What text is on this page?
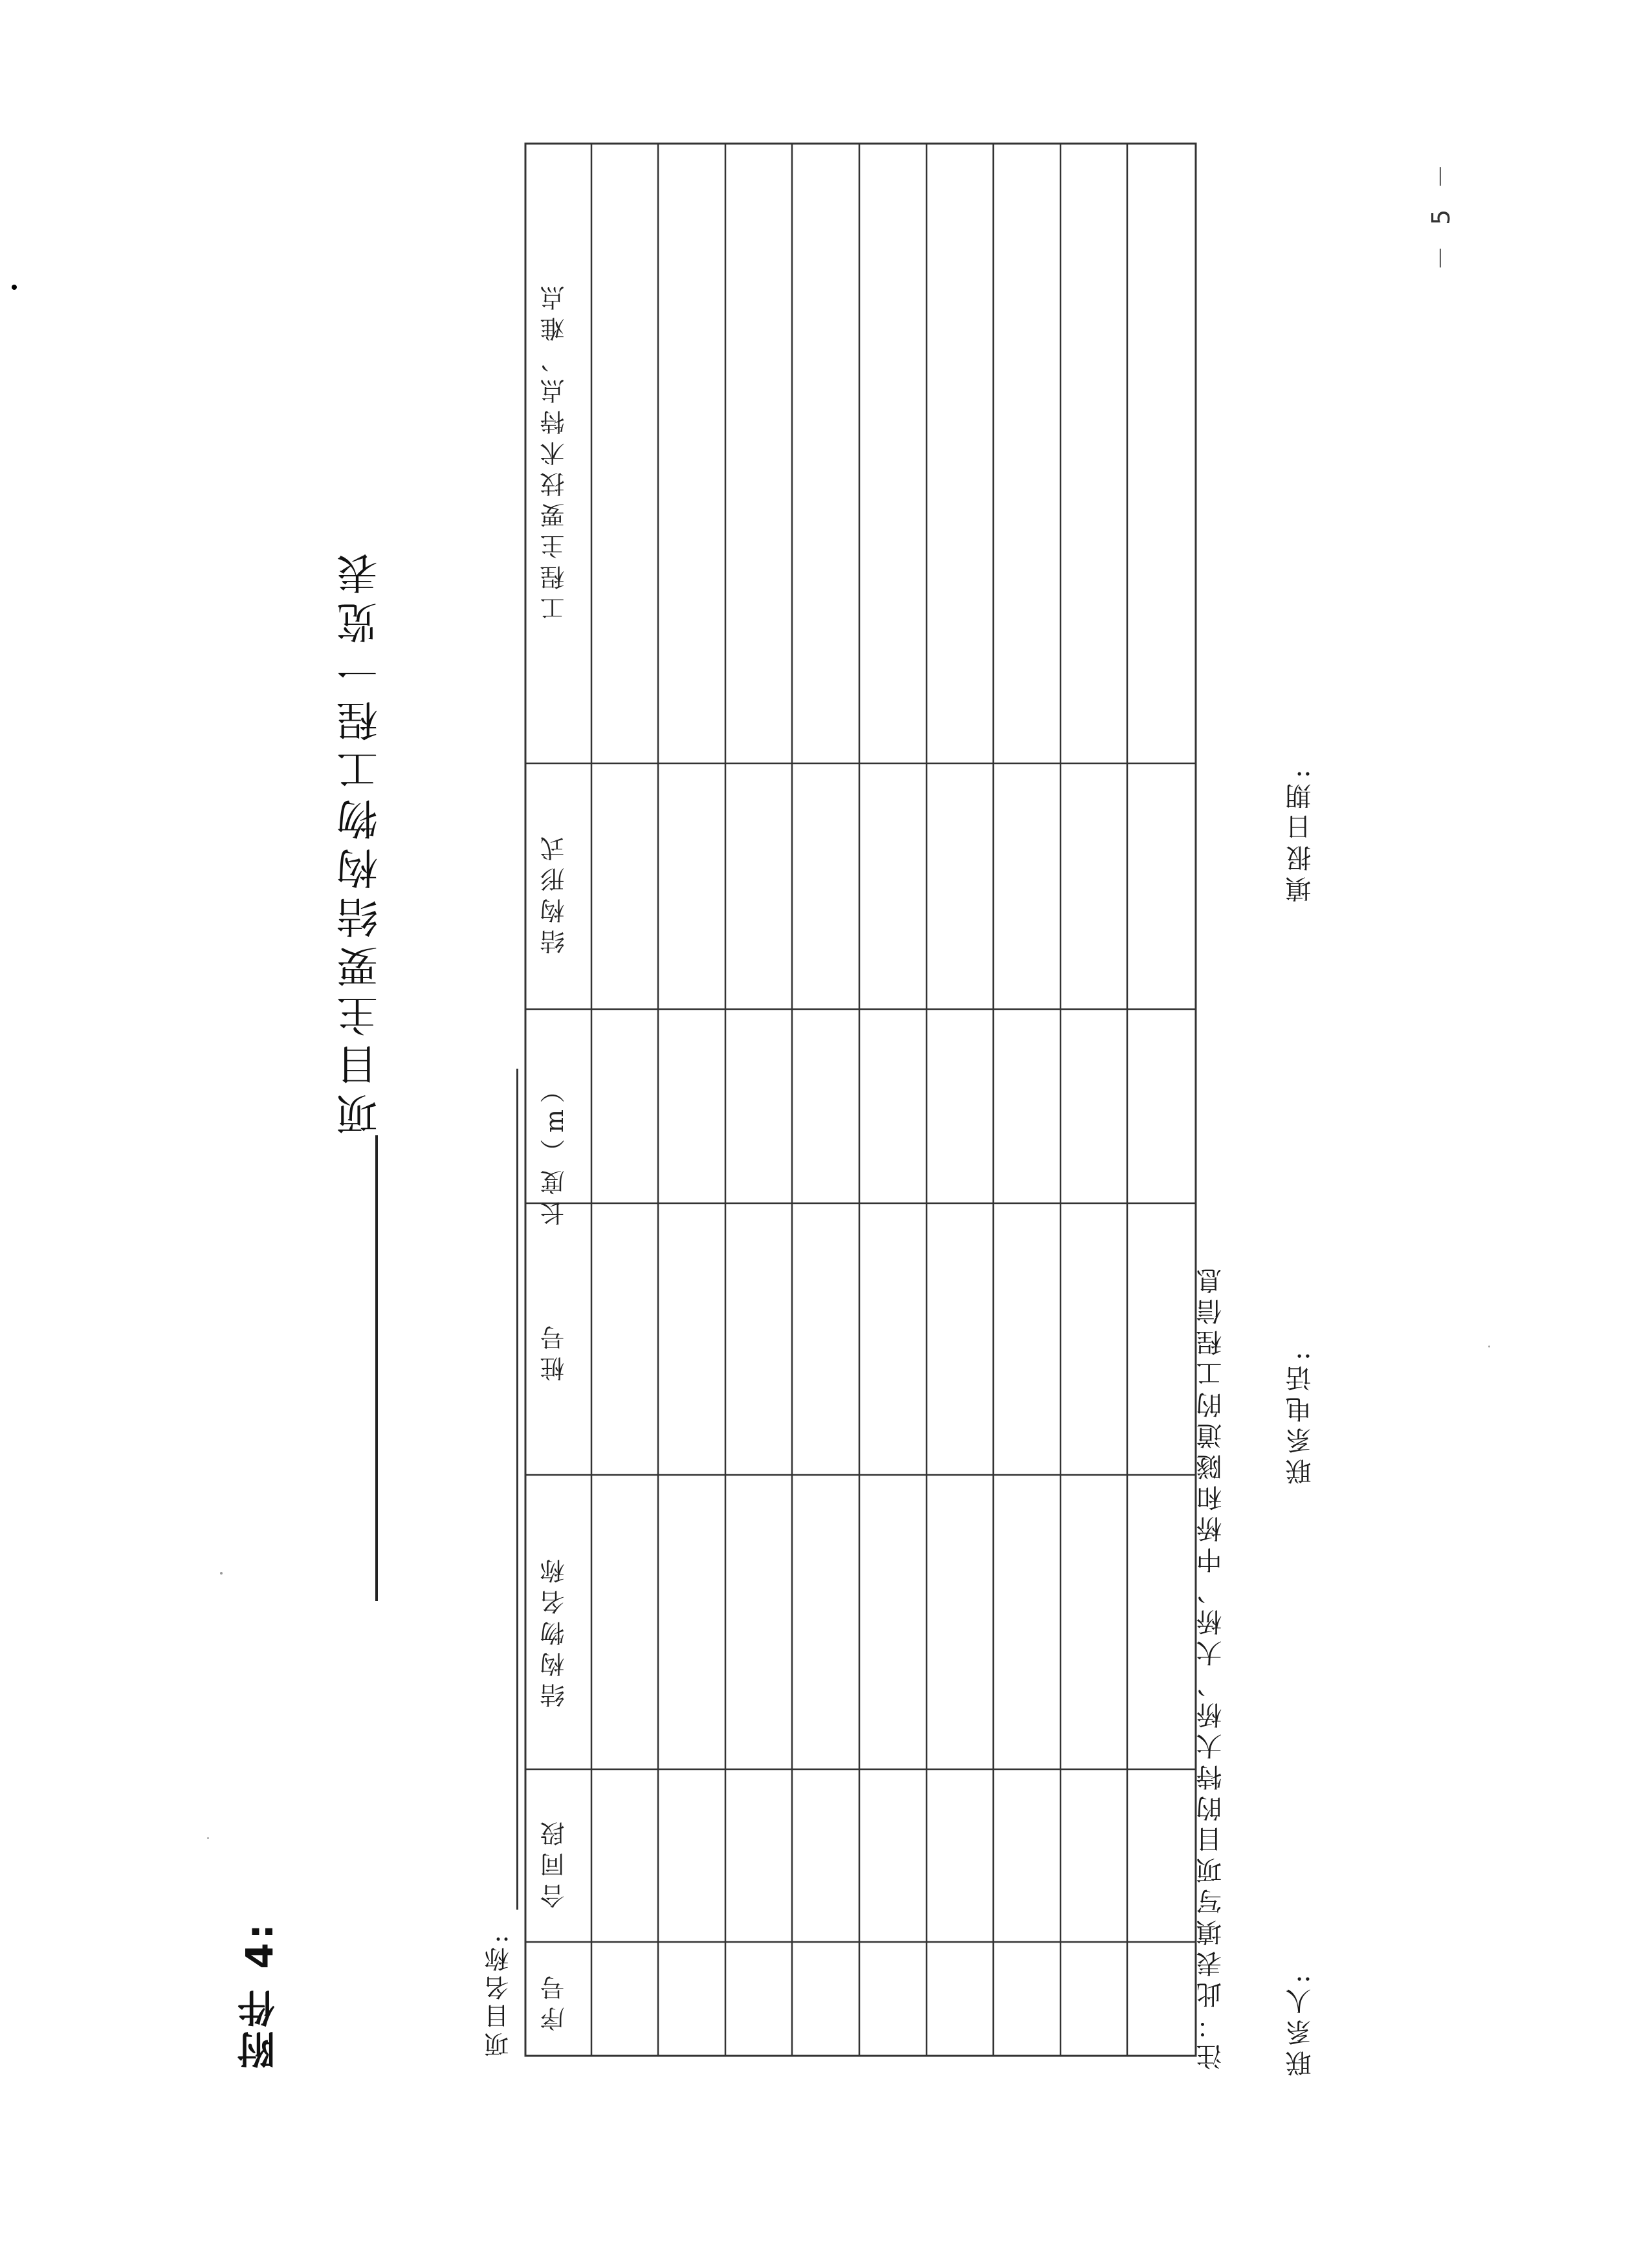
附件 4:
项目主要结构物工程一览表
－ 5 －
项目名称: 序号
合同段
结构物名称
桩号
长度（m）
结构形式
工程主要技术特点、难点
注：此表填写项目的特大桥、大桥、中桥和隧道的工程信息 联系人:
联系电话:
填报日期:
